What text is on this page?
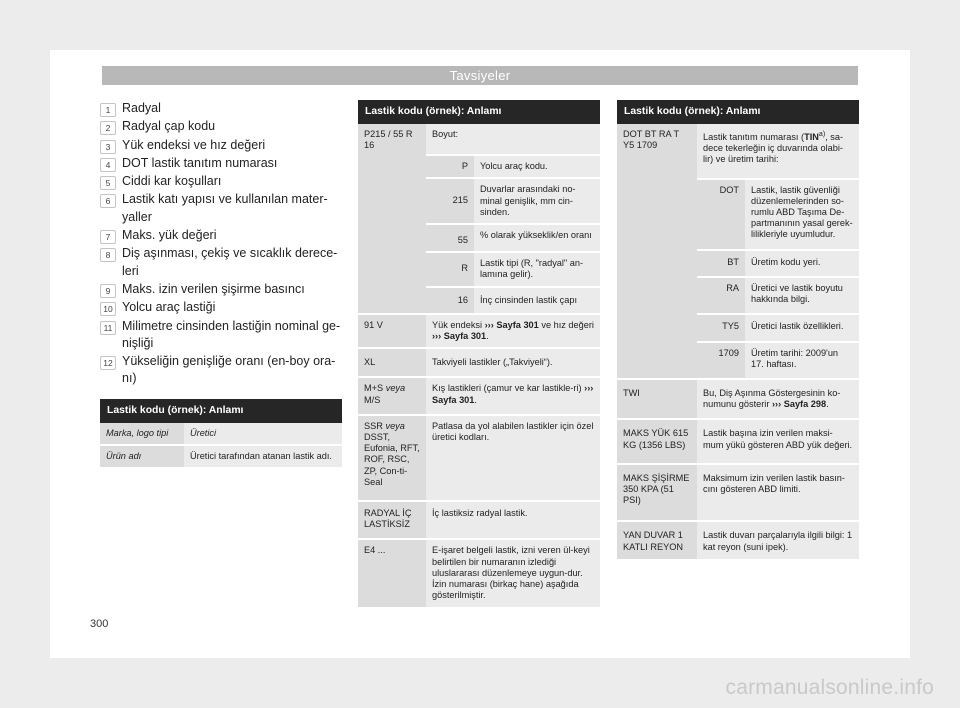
Tavsiyeler
1 Radyal
2 Radyal çap kodu
3 Yük endeksi ve hız değeri
4 DOT lastik tanıtım numarası
5 Ciddi kar koşulları
6 Lastik katı yapısı ve kullanılan mater-yaller
7 Maks. yük değeri
8 Diş aşınması, çekiş ve sıcaklık derece-leri
9 Maks. izin verilen şişirme basıncı
10 Yolcu araç lastiği
11 Milimetre cinsinden lastiğin nominal ge-nişliği
12 Yükseliğin genişliğe oranı (en-boy ora-nı)
Lastik kodu (örnek): Anlamı	
Marka, logo tipi	Üretici
Ürün adı	Üretici tarafından atanan lastik adı.
Lastik kodu (örnek): Anlamı		
P215 / 55 R 16	Boyut:	
	P	Yolcu araç kodu.
	215	Duvarlar arasındaki no-minal genişlik, mm cin-sinden.
	55	% olarak yükseklik/en oranı
	R	Lastik tipi (R, "radyal" an-lamına gelir).
	16	İnç cinsinden lastik çapı
91 V	Yük endeksi ››› Sayfa 301 ve hız değeri ››› Sayfa 301.	
XL	Takviyeli lastikler („Takviyeli“).	
M+S veya M/S	Kış lastikleri (çamur ve kar lastikle-ri) ››› Sayfa 301.	
SSR veya
DSST, Eufonia, RFT, ROF, RSC, ZP, Con-ti-Seal	Patlasa da yol alabilen lastikler için özel üretici kodları.	
RADYAL İÇ LASTİKSİZ	İç lastiksiz radyal lastik.	
E4 ...	E-işaret belgeli lastik, izni veren ül-keyi belirtilen bir numaranın izlediği uluslararası düzenlemeye uygun-dur. İzin numarası (birkaç hane) aşağıda gösterilmiştir.	
Lastik kodu (örnek): Anlamı		
DOT BT RA T Y5 1709	Lastik tanıtım numarası (TIN$^{a)}$, sa-dece tekerleğin iç duvarında olabi-lir) ve üretim tarihi:	
	DOT	Lastik, lastik güvenliği düzenlemelerinden so-rumlu ABD Taşıma De-partmanının yasal gerek-lilikleriyle uyumludur.
	BT	Üretim kodu yeri.
	RA	Üretici ve lastik boyutu hakkında bilgi.
	TY5	Üretici lastik özellikleri.
	1709	Üretim tarihi: 2009'un 17. haftası.
TWI	Bu, Diş Aşınma Göstergesinin ko-numunu gösterir ››› Sayfa 298.	
MAKS YÜK 615 KG (1356 LBS)	Lastik başına izin verilen maksi-mum yükü gösteren ABD yük değeri.	
MAKS ŞİŞİRME 350 KPA (51 PSI)	Maksimum izin verilen lastik basın-cını gösteren ABD limiti.	
YAN DUVAR 1 KATLI REYON	Lastik duvarı parçalarıyla ilgili bilgi: 1 kat reyon (suni ipek).	
300
carmanualsonline.info
